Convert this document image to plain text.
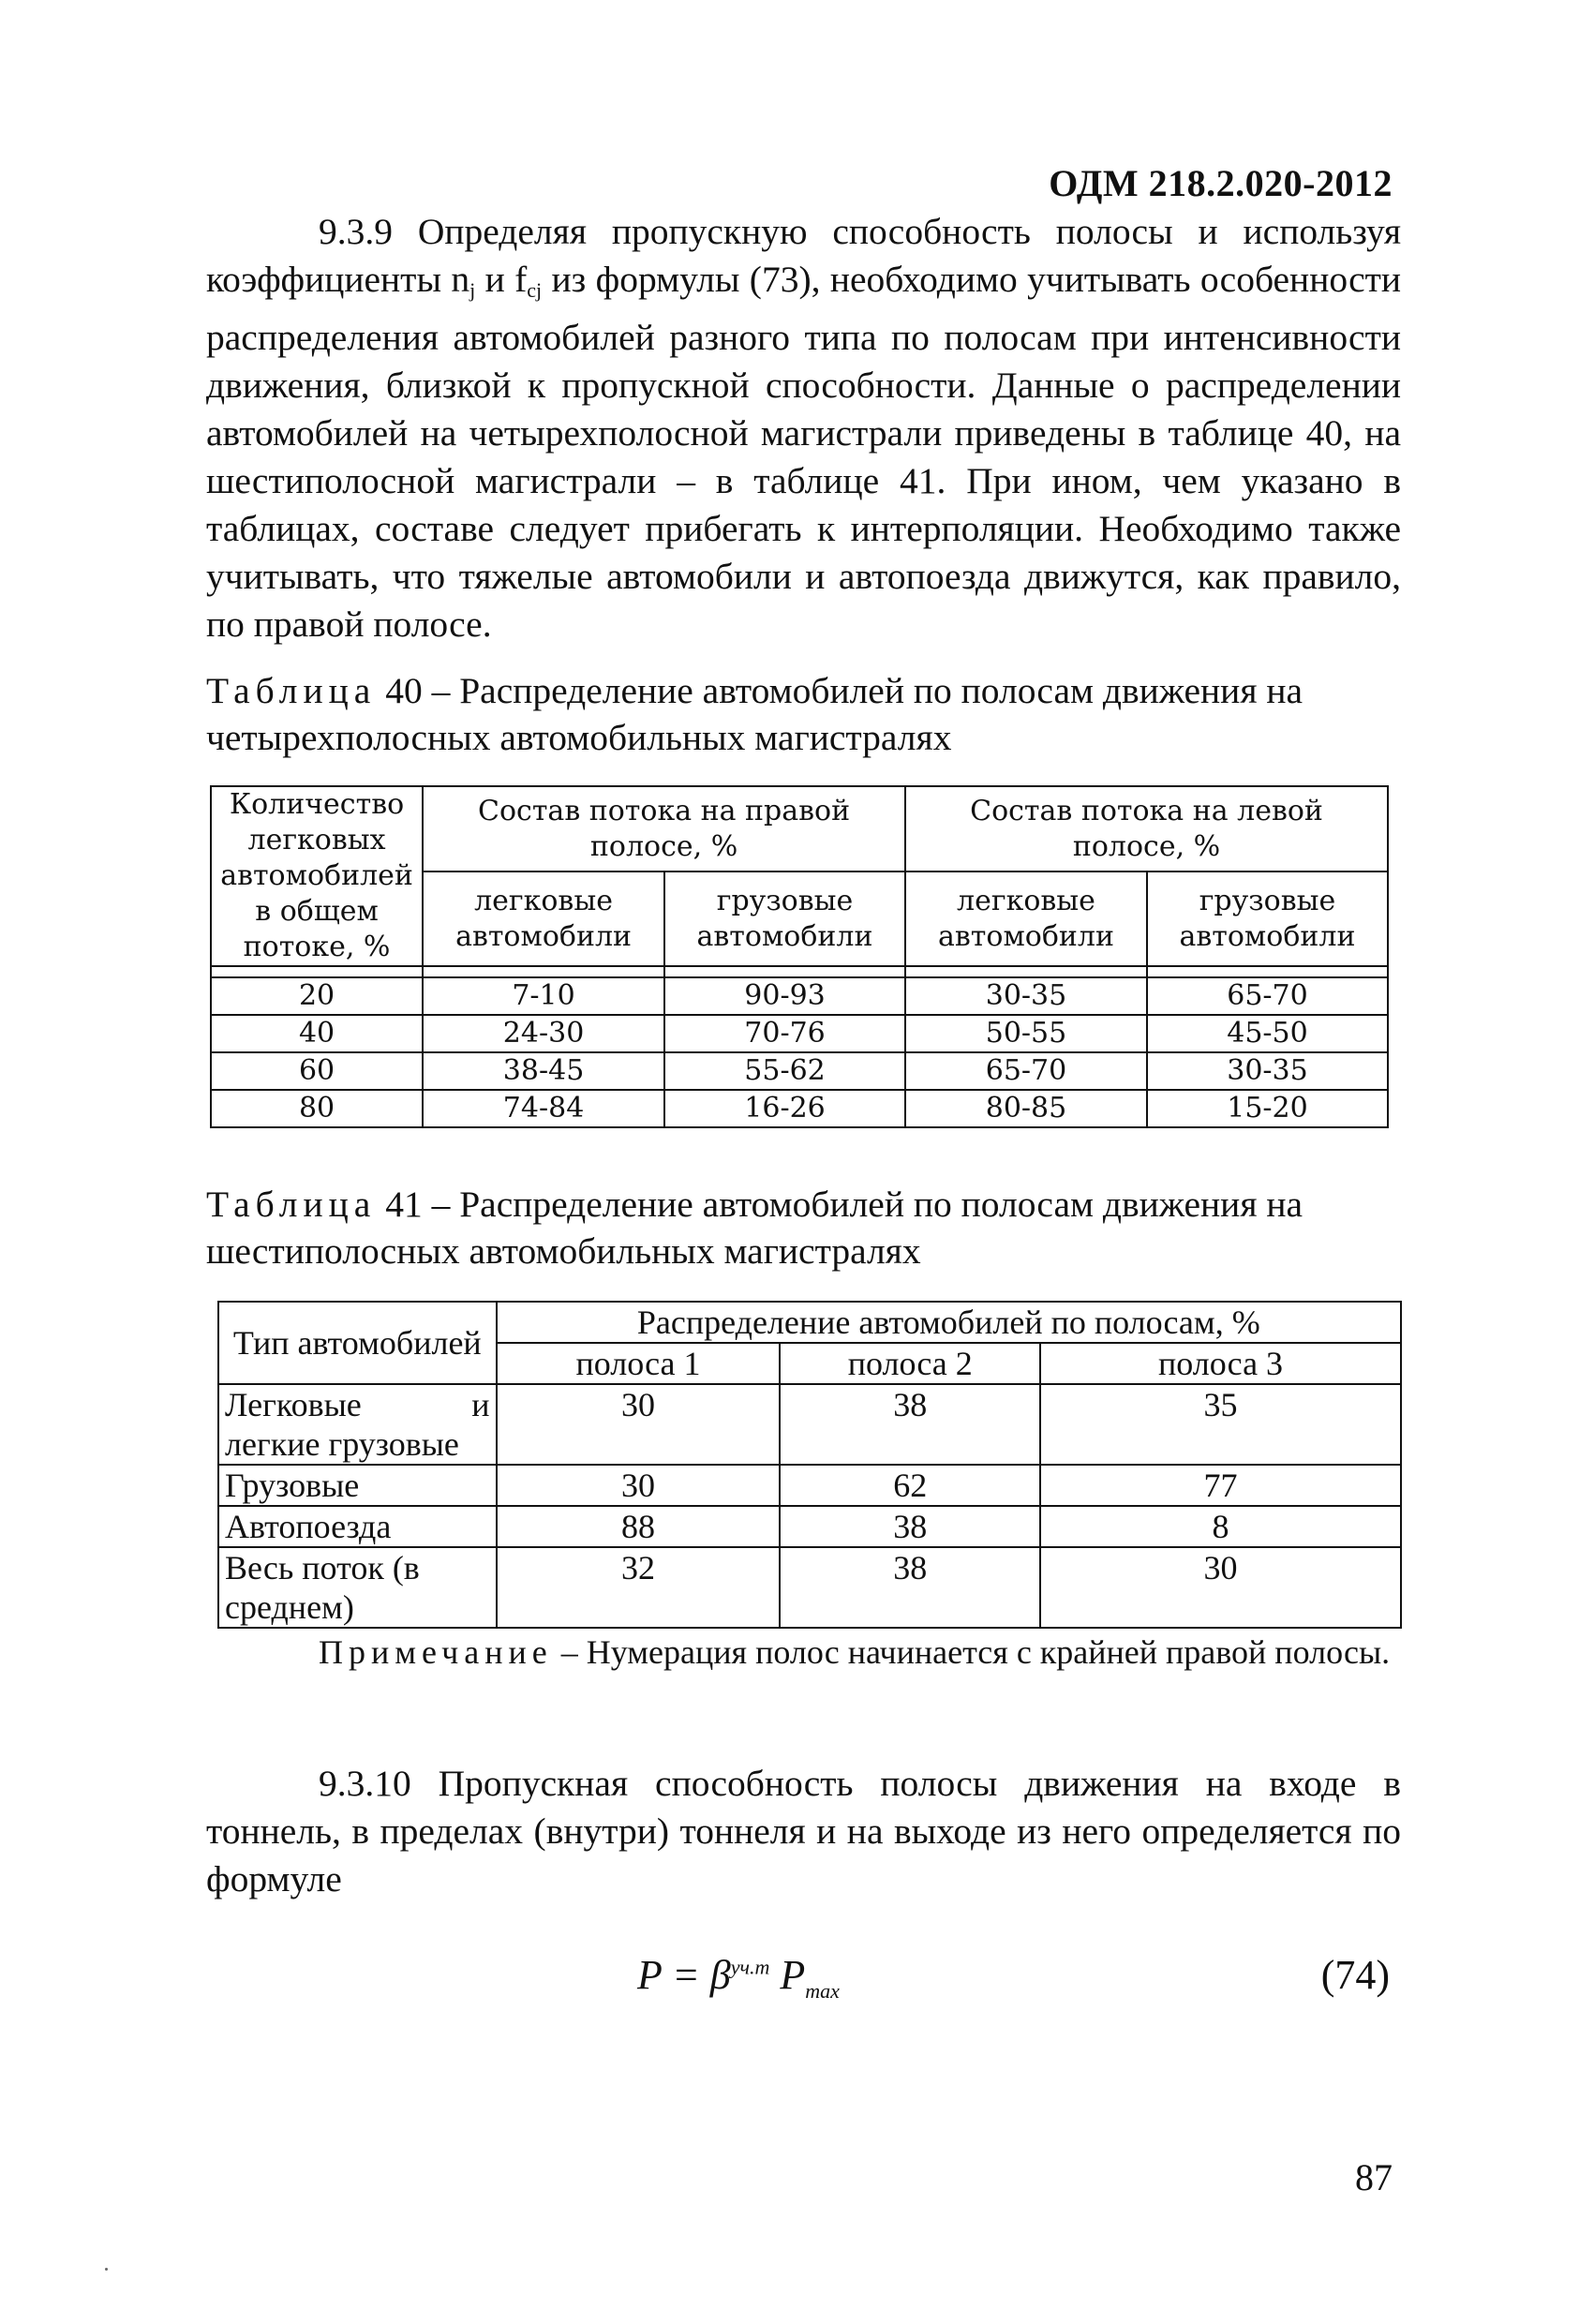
ОДМ 218.2.020-2012
9.3.9 Определяя пропускную способность полосы и используя коэффициенты $n_j$ и $f_{cj}$ из формулы (73), необходимо учитывать особенности распределения автомобилей разного типа по полосам при интенсивности движения, близкой к пропускной способности. Данные о распределении автомобилей на четырехполосной магистрали приведены в таблице 40, на шестиполосной магистрали – в таблице 41. При ином, чем указано в таблицах, составе следует прибегать к интерполяции. Необходимо также учитывать, что тяжелые автомобили и автопоезда движутся, как правило, по правой полосе.
Таблица 40 – Распределение автомобилей по полосам движения на четырехполосных автомобильных магистралях
Количество легковых автомобилей в общем потоке, %	Состав потока на правой полосе, %		Состав потока на левой полосе, %	
	легковые автомобили	грузовые автомобили	легковые автомобили	грузовые автомобили

20	7-10	90-93	30-35	65-70
40	24-30	70-76	50-55	45-50
60	38-45	55-62	65-70	30-35
80	74-84	16-26	80-85	15-20
Таблица 41 – Распределение автомобилей по полосам движения на шестиполосных автомобильных магистралях
Тип автомобилей	Распределение автомобилей по полосам, %		
	полоса 1	полоса 2	полоса 3
Легковые и легкие грузовые	30	38	35
Грузовые	30	62	77
Автопоезда	88	38	8
Весь поток (в среднем)	32	38	30
Примечание – Нумерация полос начинается с крайней правой полосы.
9.3.10 Пропускная способность полосы движения на входе в тоннель, в пределах (внутри) тоннеля и на выходе из него определяется по формуле
$P = \beta^{уч.т}$ $P_{max}$	(74)
87
